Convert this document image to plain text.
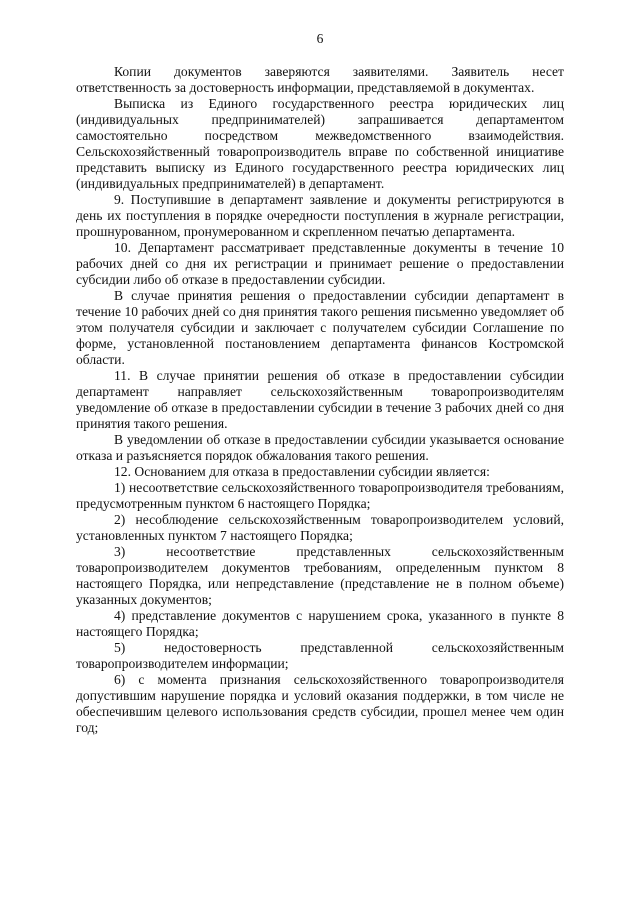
6

Копии документов заверяются заявителями. Заявитель несет ответственность за достоверность информации, представляемой в документах.

Выписка из Единого государственного реестра юридических лиц (индивидуальных предпринимателей) запрашивается департаментом самостоятельно посредством межведомственного взаимодействия. Сельскохозяйственный товаропроизводитель вправе по собственной инициативе представить выписку из Единого государственного реестра юридических лиц (индивидуальных предпринимателей) в департамент.

9. Поступившие в департамент заявление и документы регистрируются в день их поступления в порядке очередности поступления в журнале регистрации, прошнурованном, пронумерованном и скрепленном печатью департамента.

10. Департамент рассматривает представленные документы в течение 10 рабочих дней со дня их регистрации и принимает решение о предоставлении субсидии либо об отказе в предоставлении субсидии.

В случае принятия решения о предоставлении субсидии департамент в течение 10 рабочих дней со дня принятия такого решения письменно уведомляет об этом получателя субсидии и заключает с получателем субсидии Соглашение по форме, установленной постановлением департамента финансов Костромской области.

11. В случае принятии решения об отказе в предоставлении субсидии департамент направляет сельскохозяйственным товаропроизводителям уведомление об отказе в предоставлении субсидии в течение 3 рабочих дней со дня принятия такого решения.

В уведомлении об отказе в предоставлении субсидии указывается основание отказа и разъясняется порядок обжалования такого решения.

12. Основанием для отказа в предоставлении субсидии является:

1) несоответствие сельскохозяйственного товаропроизводителя требованиям, предусмотренным пунктом 6 настоящего Порядка;

2) несоблюдение сельскохозяйственным товаропроизводителем условий, установленных пунктом 7 настоящего Порядка;

3) несоответствие представленных сельскохозяйственным товаропроизводителем документов требованиям, определенным пунктом 8 настоящего Порядка, или непредставление (представление не в полном объеме) указанных документов;

4) представление документов с нарушением срока, указанного в пункте 8 настоящего Порядка;

5) недостоверность представленной сельскохозяйственным товаропроизводителем информации;

6) с момента признания сельскохозяйственного товаропроизводителя допустившим нарушение порядка и условий оказания поддержки, в том числе не обеспечившим целевого использования средств субсидии, прошел менее чем один год;
